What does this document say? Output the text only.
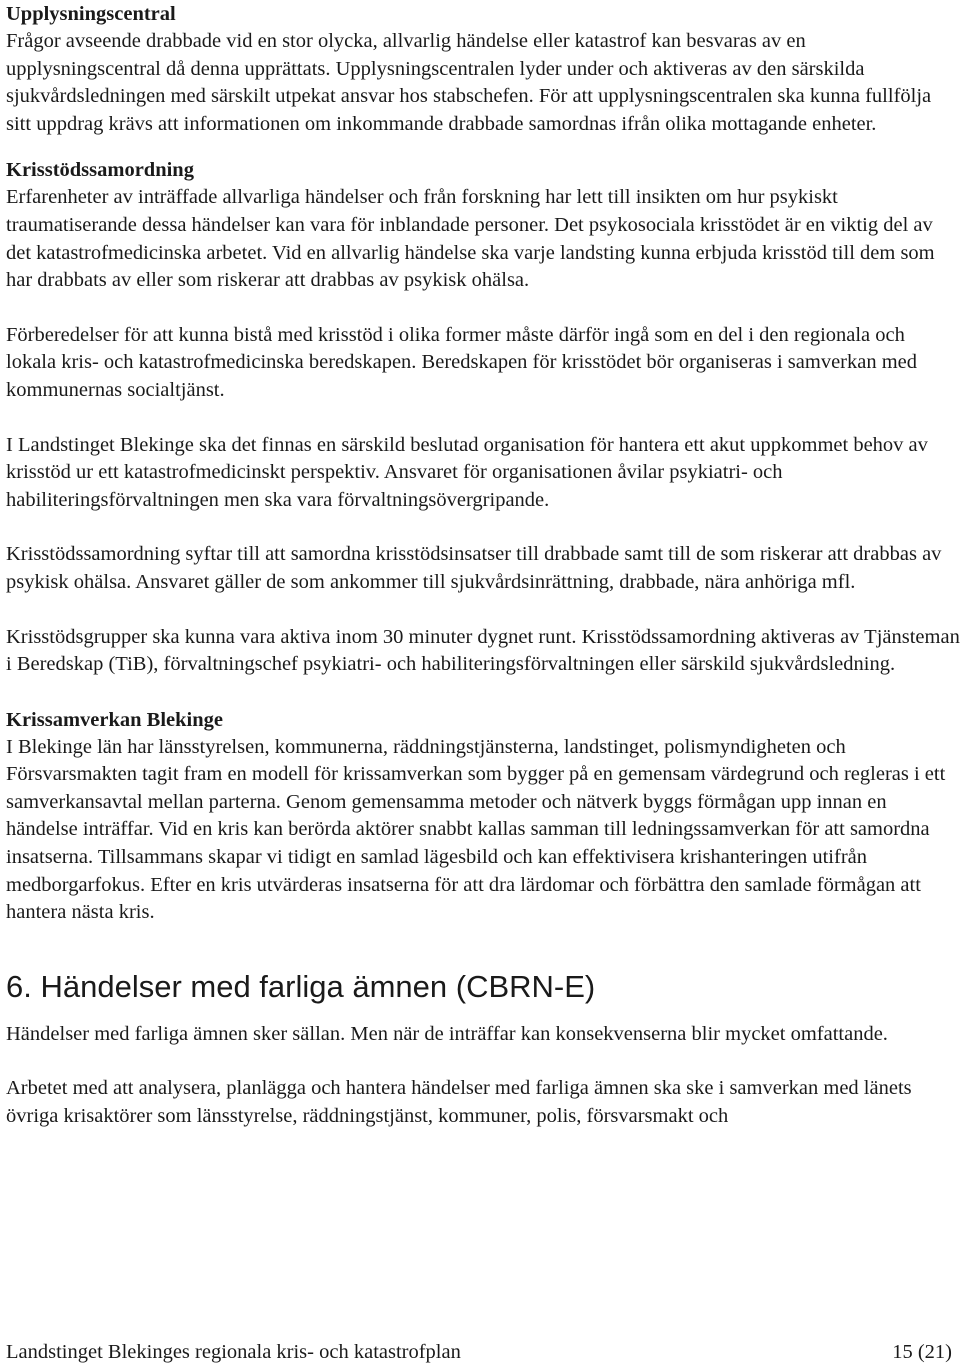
Upplysningscentral

Frågor avseende drabbade vid en stor olycka, allvarlig händelse eller katastrof kan besvaras av en upplysningscentral då denna upprättats. Upplysningscentralen lyder under och aktiveras av den särskilda sjukvårdsledningen med särskilt utpekat ansvar hos stabschefen. För att upplysningscentralen ska kunna fullfölja sitt uppdrag krävs att informationen om inkommande drabbade samordnas ifrån olika mottagande enheter.

Krisstödssamordning

Erfarenheter av inträffade allvarliga händelser och från forskning har lett till insikten om hur psykiskt traumatiserande dessa händelser kan vara för inblandade personer. Det psykosociala krisstödet är en viktig del av det katastrofmedicinska arbetet. Vid en allvarlig händelse ska varje landsting kunna erbjuda krisstöd till dem som har drabbats av eller som riskerar att drabbas av psykisk ohälsa.

Förberedelser för att kunna bistå med krisstöd i olika former måste därför ingå som en del i den regionala och lokala kris- och katastrofmedicinska beredskapen. Beredskapen för krisstödet bör organiseras i samverkan med kommunernas socialtjänst.

I Landstinget Blekinge ska det finnas en särskild beslutad organisation för hantera ett akut uppkommet behov av krisstöd ur ett katastrofmedicinskt perspektiv. Ansvaret för organisationen åvilar psykiatri- och habiliteringsförvaltningen men ska vara förvaltningsövergripande.

Krisstödssamordning syftar till att samordna krisstödsinsatser till drabbade samt till de som riskerar att drabbas av psykisk ohälsa. Ansvaret gäller de som ankommer till sjukvårdsinrättning, drabbade, nära anhöriga mfl.

Krisstödsgrupper ska kunna vara aktiva inom 30 minuter dygnet runt. Krisstödssamordning aktiveras av Tjänsteman i Beredskap (TiB), förvaltningschef psykiatri- och habiliteringsförvaltningen eller särskild sjukvårdsledning.

Krissamverkan Blekinge

I Blekinge län har länsstyrelsen, kommunerna, räddningstjänsterna, landstinget, polismyndigheten och Försvarsmakten tagit fram en modell för krissamverkan som bygger på en gemensam värdegrund och regleras i ett samverkansavtal mellan parterna. Genom gemensamma metoder och nätverk byggs förmågan upp innan en händelse inträffar. Vid en kris kan berörda aktörer snabbt kallas samman till ledningssamverkan för att samordna insatserna. Tillsammans skapar vi tidigt en samlad lägesbild och kan effektivisera krishanteringen utifrån medborgarfokus. Efter en kris utvärderas insatserna för att dra lärdomar och förbättra den samlade förmågan att hantera nästa kris.

6. Händelser med farliga ämnen (CBRN-E)

Händelser med farliga ämnen sker sällan. Men när de inträffar kan konsekvenserna blir mycket omfattande.

Arbetet med att analysera, planlägga och hantera händelser med farliga ämnen ska ske i samverkan med länets övriga krisaktörer som länsstyrelse, räddningstjänst, kommuner, polis, försvarsmakt och

Landstinget Blekinges regionala kris- och katastrofplan	15 (21)
